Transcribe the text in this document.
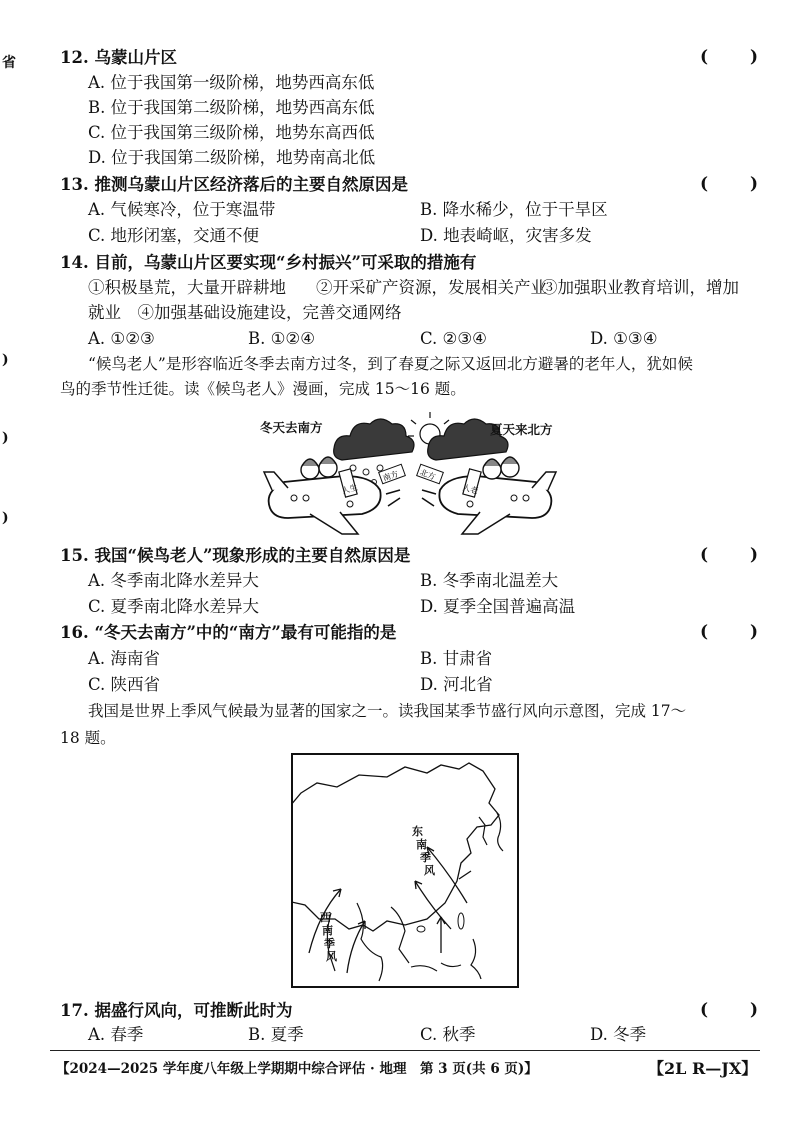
省
)
)
)
12. 乌蒙山片区	( )
A. 位于我国第一级阶梯，地势西高东低
B. 位于我国第二级阶梯，地势西高东低
C. 位于我国第三级阶梯，地势东高西低
D. 位于我国第二级阶梯，地势南高北低
13. 推测乌蒙山片区经济落后的主要自然原因是	( )
A. 气候寒冷，位于寒温带	B. 降水稀少，位于干旱区
C. 地形闭塞，交通不便	D. 地表崎岖，灾害多发
14. 目前，乌蒙山片区要实现“乡村振兴”可采取的措施有
①积极垦荒，大量开辟耕地 ②开采矿产资源，发展相关产业
③加强职业教育培训，增加
就业　④加强基础设施建设，完善交通网络
A. ①②③	B. ①②④	C. ②③④	D. ①③④
“候鸟老人”是形容临近冬季去南方过冬，到了春夏之际又返回北方避暑的老年人，犹如候
鸟的季节性迁徙。读《候鸟老人》漫画，完成 15～16 题。
冬天去南方
人生
南方 北方
夏天来北方
人老
15. 我国“候鸟老人”现象形成的主要自然原因是	( )
A. 冬季南北降水差异大	B. 冬季南北温差大
C. 夏季南北降水差异大	D. 夏季全国普遍高温
16. “冬天去南方”中的“南方”最有可能指的是	( )
A. 海南省	B. 甘肃省
C. 陕西省	D. 河北省
我国是世界上季风气候最为显著的国家之一。读我国某季节盛行风向示意图，完成 17～
18 题。
东
南
季
风
西
南
季
风
17. 据盛行风向，可推断此时为	( )
A. 春季	B. 夏季	C. 秋季	D. 冬季
【2024—2025 学年度八年级上学期期中综合评估 · 地理　第 3 页(共 6 页)】	【2L R—JX】
